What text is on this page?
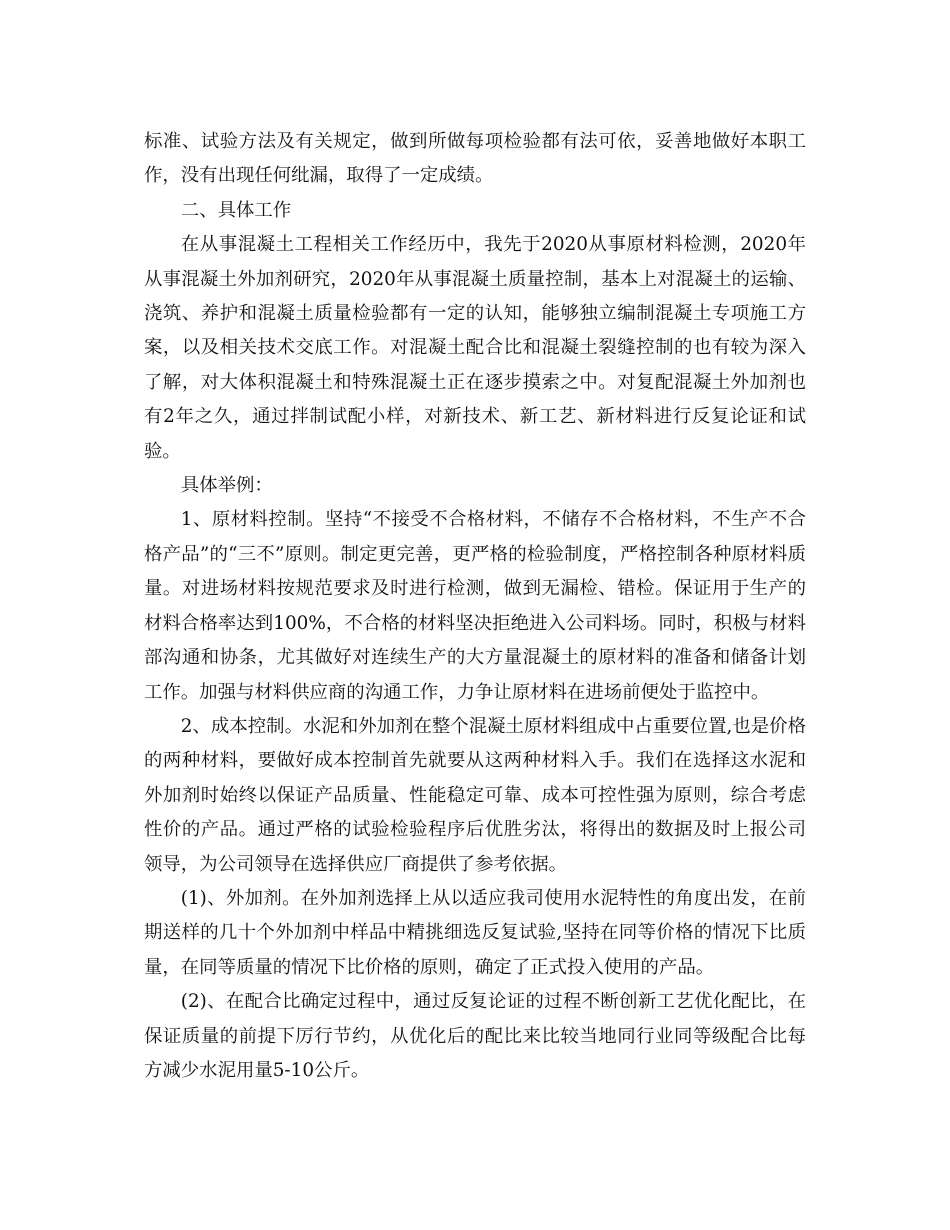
标准、试验方法及有关规定，做到所做每项检验都有法可依，妥善地做好本职工作，没有出现任何纰漏，取得了一定成绩。

二、具体工作

在从事混凝土工程相关工作经历中，我先于2020从事原材料检测，2020年从事混凝土外加剂研究，2020年从事混凝土质量控制，基本上对混凝土的运输、浇筑、养护和混凝土质量检验都有一定的认知，能够独立编制混凝土专项施工方案，以及相关技术交底工作。对混凝土配合比和混凝土裂缝控制的也有较为深入了解，对大体积混凝土和特殊混凝土正在逐步摸索之中。对复配混凝土外加剂也有2年之久，通过拌制试配小样，对新技术、新工艺、新材料进行反复论证和试验。

具体举例：

1、原材料控制。坚持“不接受不合格材料，不储存不合格材料，不生产不合格产品”的“三不”原则。制定更完善，更严格的检验制度，严格控制各种原材料质量。对进场材料按规范要求及时进行检测，做到无漏检、错检。保证用于生产的材料合格率达到100%，不合格的材料坚决拒绝进入公司料场。同时，积极与材料部沟通和协条，尤其做好对连续生产的大方量混凝土的原材料的准备和储备计划工作。加强与材料供应商的沟通工作，力争让原材料在进场前便处于监控中。

2、成本控制。水泥和外加剂在整个混凝土原材料组成中占重要位置,也是价格的两种材料，要做好成本控制首先就要从这两种材料入手。我们在选择这水泥和外加剂时始终以保证产品质量、性能稳定可靠、成本可控性强为原则，综合考虑性价的产品。通过严格的试验检验程序后优胜劣汰，将得出的数据及时上报公司领导，为公司领导在选择供应厂商提供了参考依据。

(1)、外加剂。在外加剂选择上从以适应我司使用水泥特性的角度出发，在前期送样的几十个外加剂中样品中精挑细选反复试验,坚持在同等价格的情况下比质量，在同等质量的情况下比价格的原则，确定了正式投入使用的产品。

(2)、在配合比确定过程中，通过反复论证的过程不断创新工艺优化配比，在保证质量的前提下厉行节约，从优化后的配比来比较当地同行业同等级配合比每方减少水泥用量5-10公斤。
